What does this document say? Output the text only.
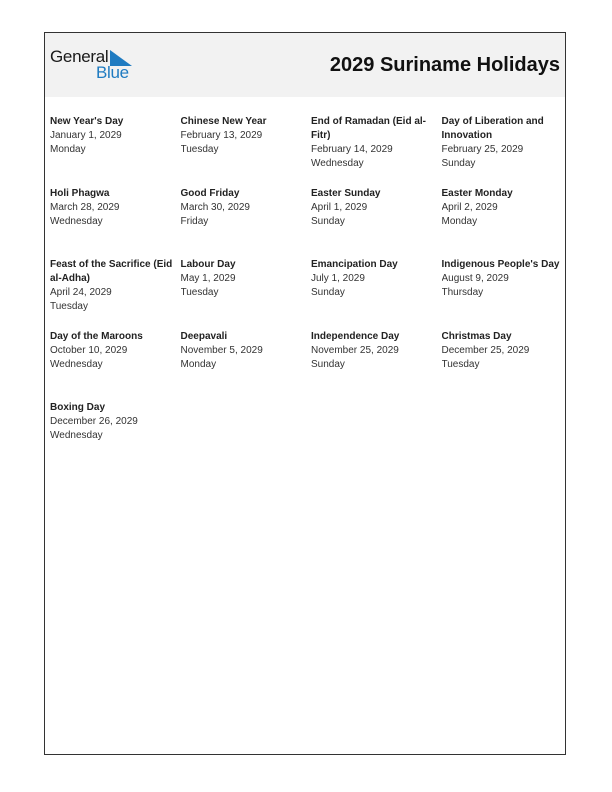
General
Blue	2029 Suriname Holidays
New Year's Day
January 1, 2029
Monday
Chinese New Year
February 13, 2029
Tuesday
End of Ramadan (Eid al-Fitr)
February 14, 2029
Wednesday
Day of Liberation and Innovation
February 25, 2029
Sunday
Holi Phagwa
March 28, 2029
Wednesday
Good Friday
March 30, 2029
Friday
Easter Sunday
April 1, 2029
Sunday
Easter Monday
April 2, 2029
Monday
Feast of the Sacrifice (Eid al-Adha)
April 24, 2029
Tuesday
Labour Day
May 1, 2029
Tuesday
Emancipation Day
July 1, 2029
Sunday
Indigenous People's Day
August 9, 2029
Thursday
Day of the Maroons
October 10, 2029
Wednesday
Deepavali
November 5, 2029
Monday
Independence Day
November 25, 2029
Sunday
Christmas Day
December 25, 2029
Tuesday
Boxing Day
December 26, 2029
Wednesday
